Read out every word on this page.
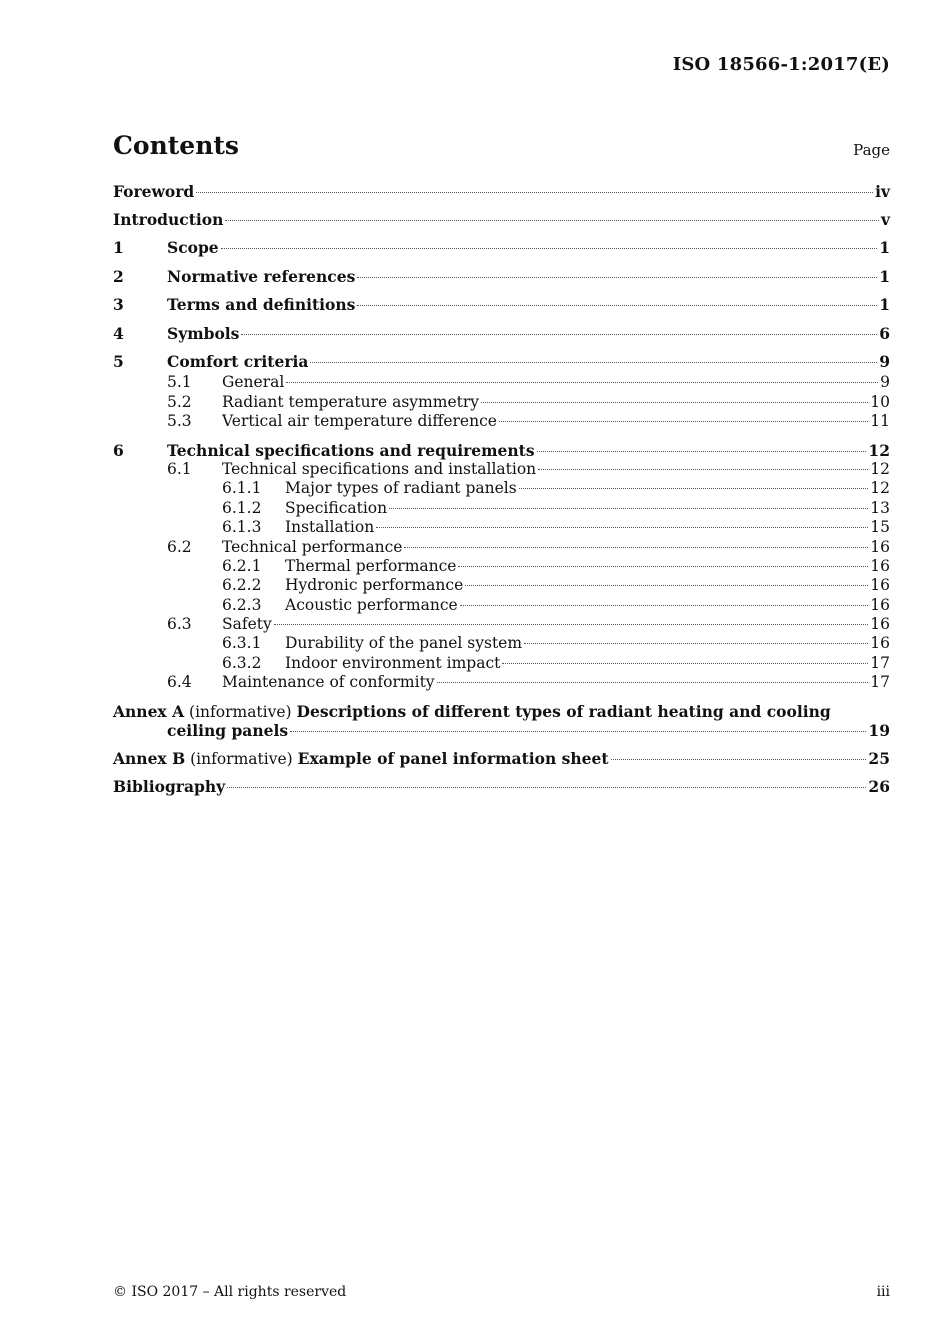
ISO 18566-1:2017(E)
Contents	Page
Foreword	iv
Introduction	v
1	Scope	1
2	Normative references	1
3	Terms and definitions	1
4	Symbols	6
5	Comfort criteria	9
5.1	General	9
5.2	Radiant temperature asymmetry	10
5.3	Vertical air temperature difference	11
6	Technical specifications and requirements	12
6.1	Technical specifications and installation	12
6.1.1	Major types of radiant panels	12
6.1.2	Specification	13
6.1.3	Installation	15
6.2	Technical performance	16
6.2.1	Thermal performance	16
6.2.2	Hydronic performance	16
6.2.3	Acoustic performance	16
6.3	Safety	16
6.3.1	Durability of the panel system	16
6.3.2	Indoor environment impact	17
6.4	Maintenance of conformity	17
Annex A (informative) Descriptions of different types of radiant heating and cooling
ceiling panels	19
Annex B (informative) Example of panel information sheet	25
Bibliography	26
© ISO 2017 – All rights reserved	iii
